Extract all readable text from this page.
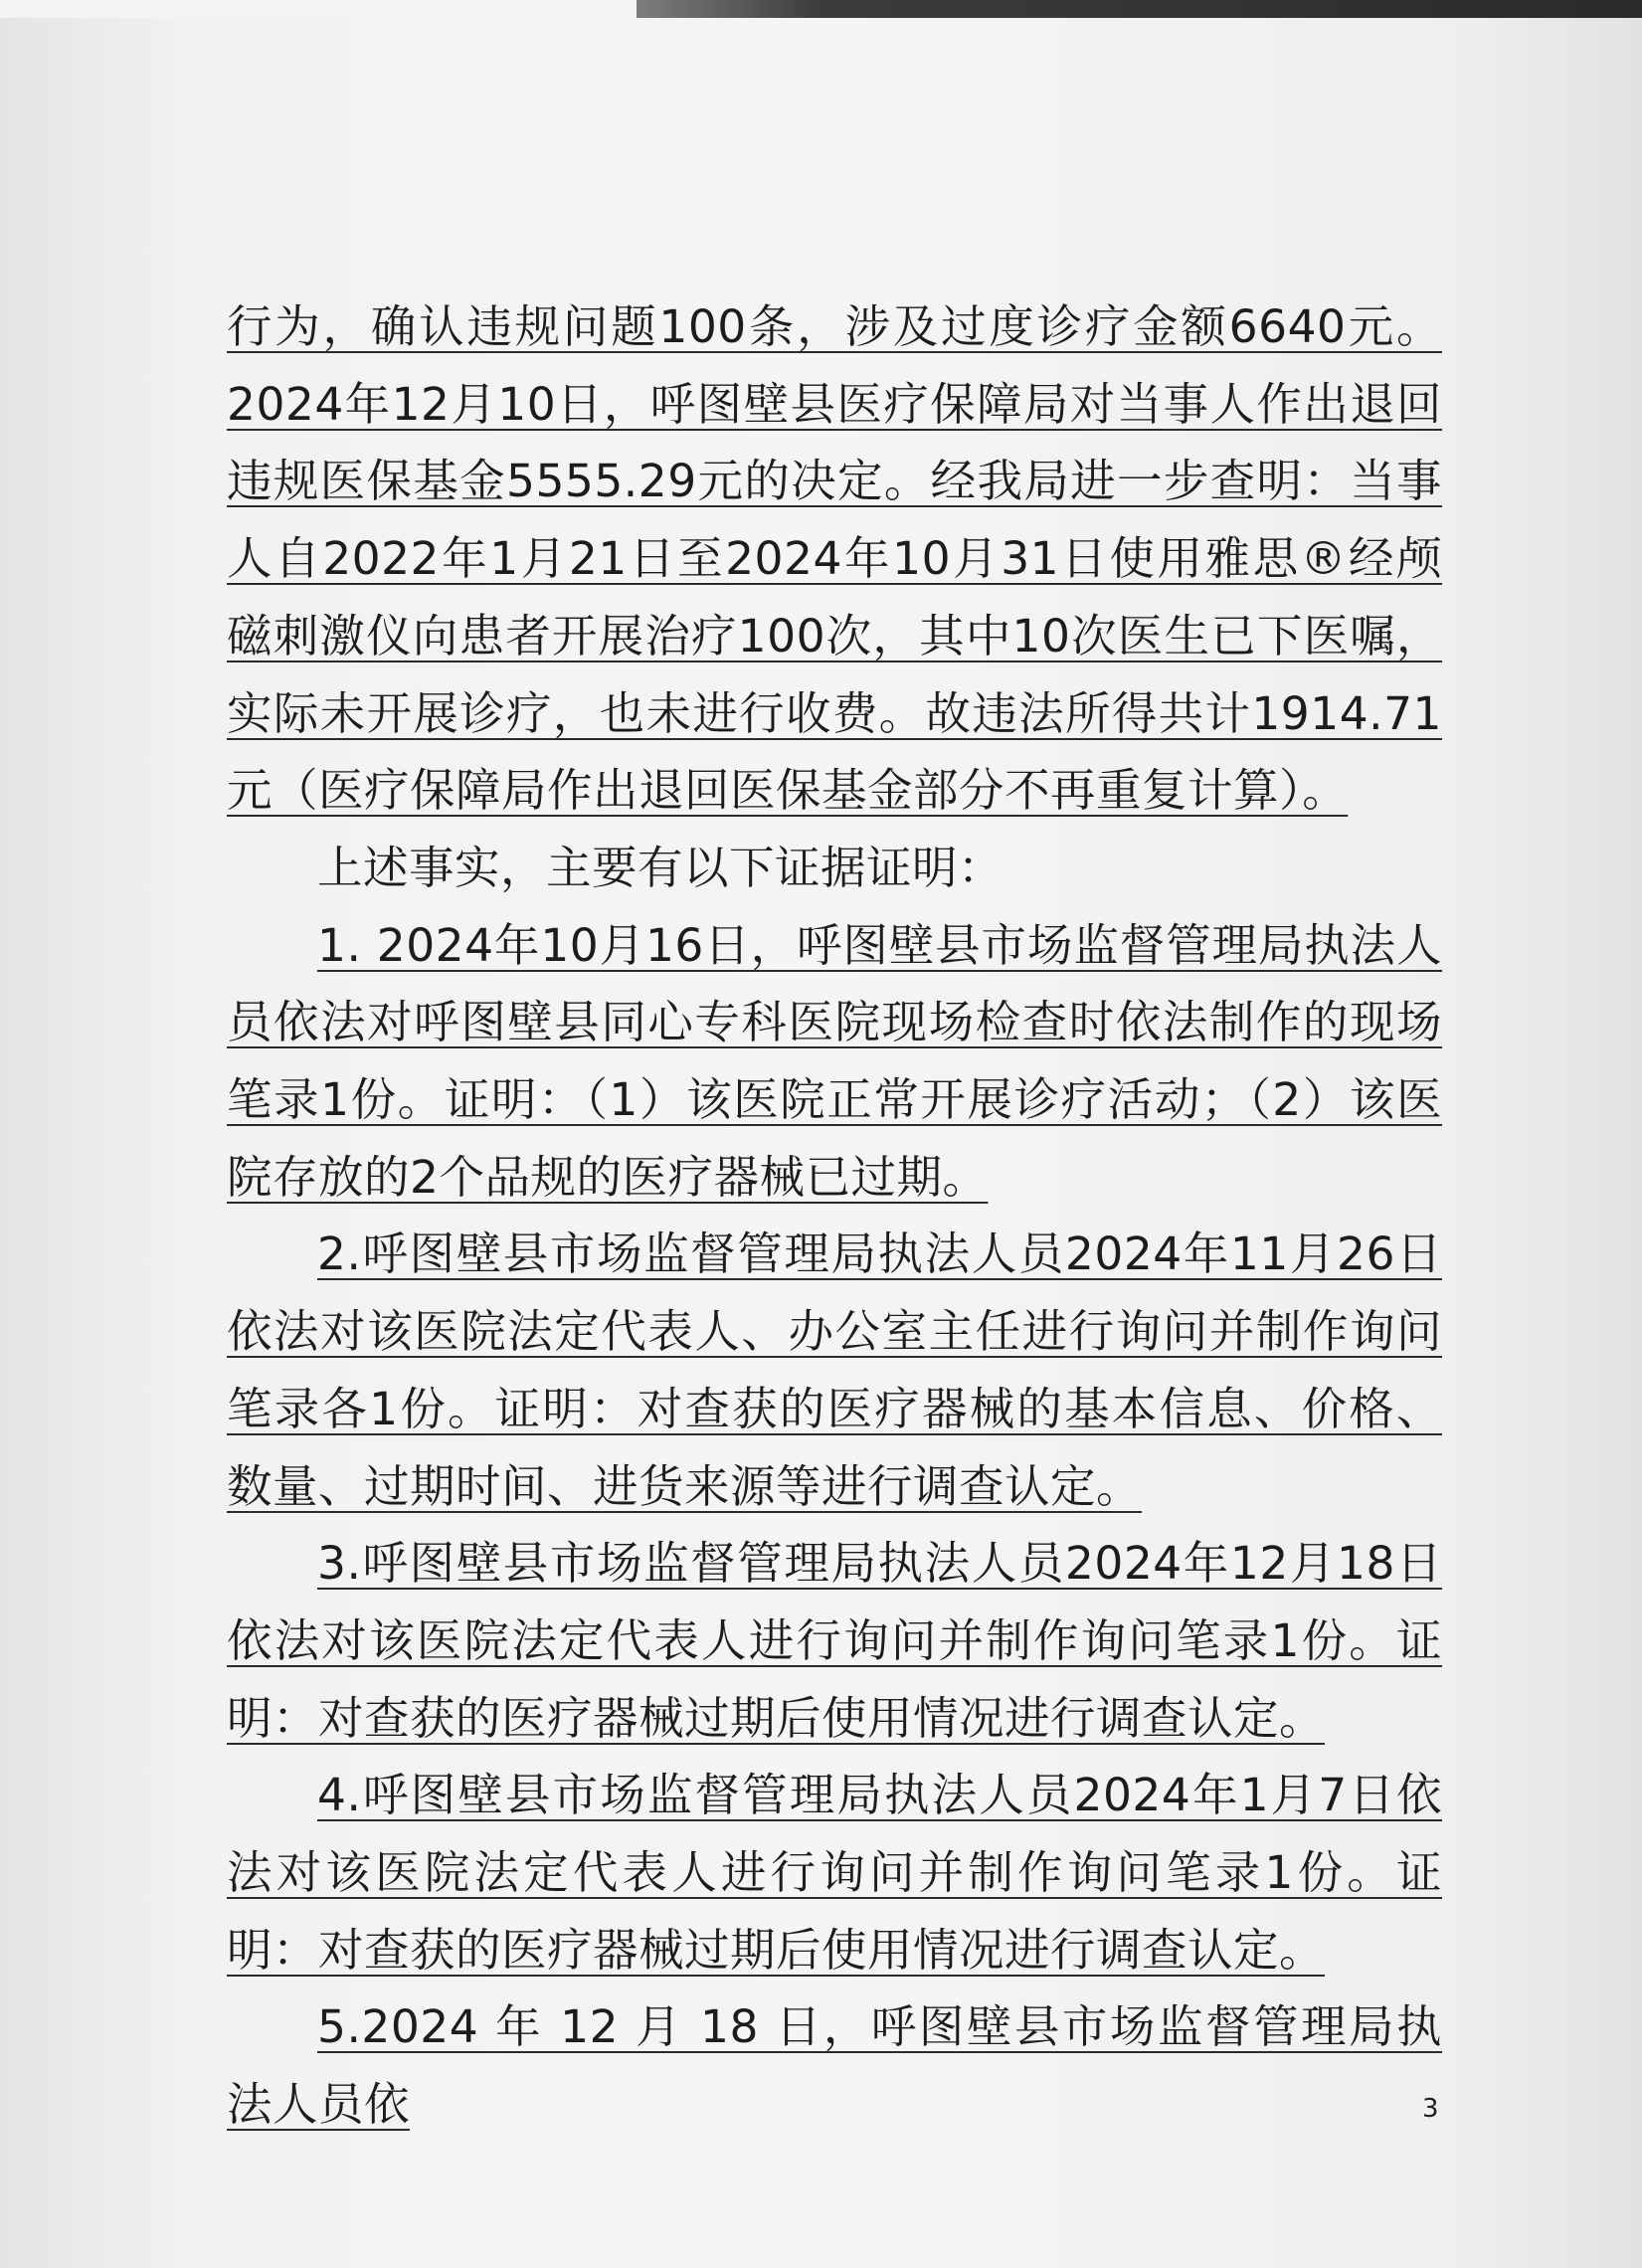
行为，确认违规问题100条，涉及过度诊疗金额6640元。2024年12月10日，呼图壁县医疗保障局对当事人作出退回违规医保基金5555.29元的决定。经我局进一步查明：当事人自2022年1月21日至2024年10月31日使用雅思®经颅磁刺激仪向患者开展治疗100次，其中10次医生已下医嘱，实际未开展诊疗，也未进行收费。故违法所得共计1914.71元（医疗保障局作出退回医保基金部分不再重复计算）。

上述事实，主要有以下证据证明：

1. 2024年10月16日，呼图壁县市场监督管理局执法人员依法对呼图壁县同心专科医院现场检查时依法制作的现场笔录1份。证明：（1）该医院正常开展诊疗活动；（2）该医院存放的2个品规的医疗器械已过期。

2.呼图壁县市场监督管理局执法人员2024年11月26日依法对该医院法定代表人、办公室主任进行询问并制作询问笔录各1份。证明：对查获的医疗器械的基本信息、价格、数量、过期时间、进货来源等进行调查认定。

3.呼图壁县市场监督管理局执法人员2024年12月18日依法对该医院法定代表人进行询问并制作询问笔录1份。证明：对查获的医疗器械过期后使用情况进行调查认定。

4.呼图壁县市场监督管理局执法人员2024年1月7日依法对该医院法定代表人进行询问并制作询问笔录1份。证明：对查获的医疗器械过期后使用情况进行调查认定。

5.2024 年 12 月 18 日，呼图壁县市场监督管理局执法人员依	3
